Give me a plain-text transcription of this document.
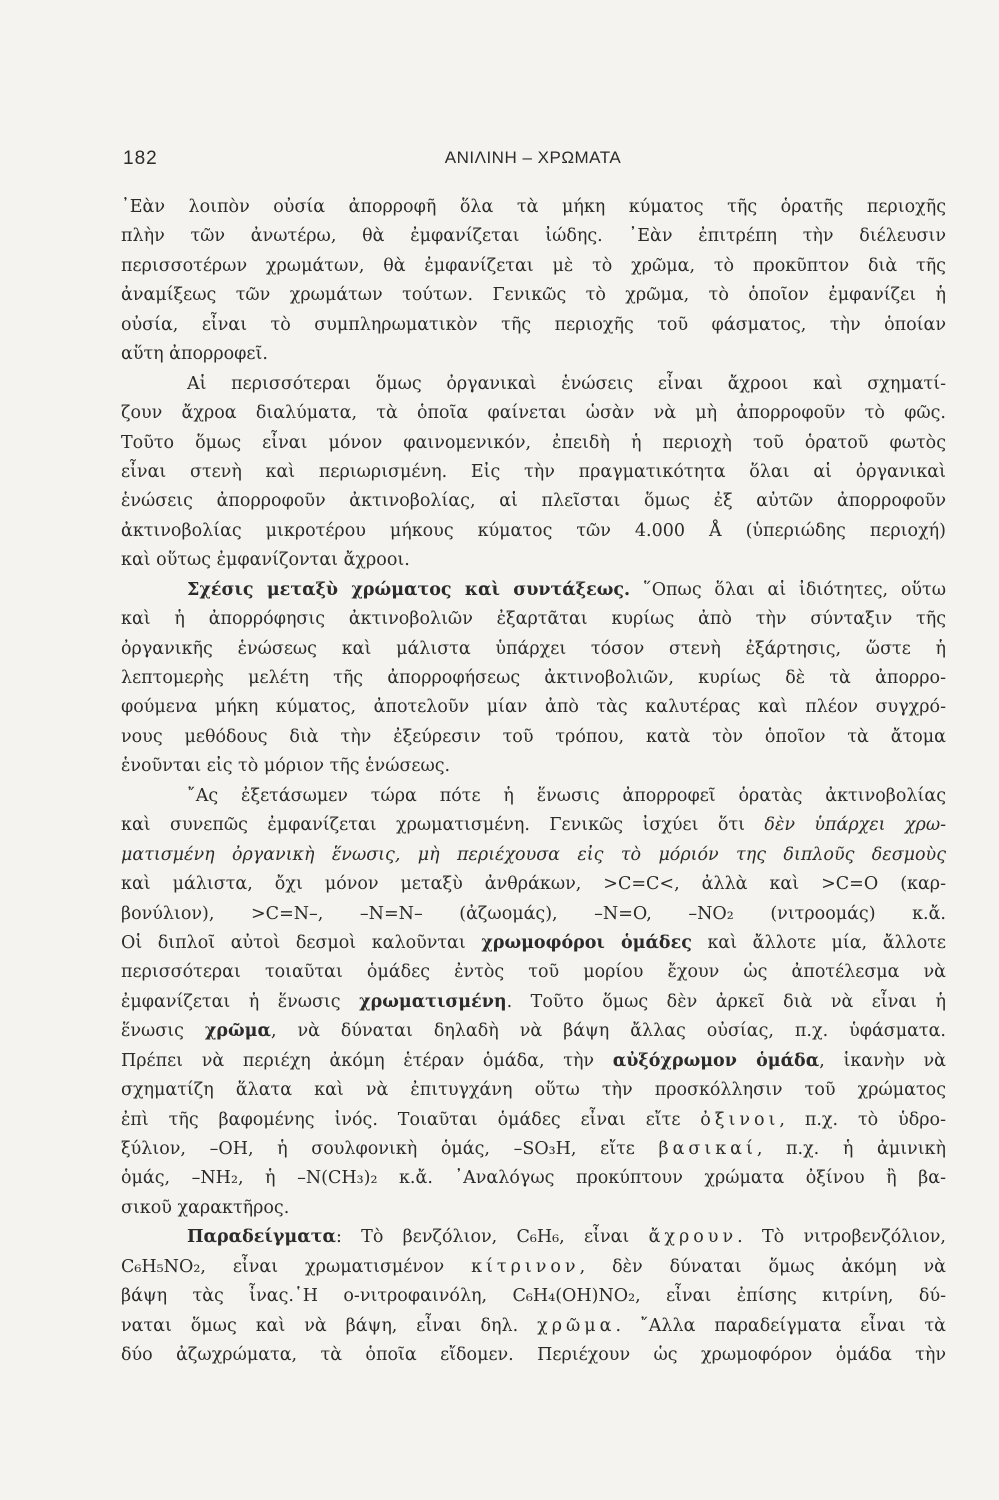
182	ΑΝΙΛΙΝΗ – ΧΡΩΜΑΤΑ
᾿Εὰν λοιπὸν οὐσία ἀπορροφῆ ὅλα τὰ μήκη κύματος τῆς ὁρατῆς περιοχῆς
πλὴν τῶν ἀνωτέρω, θὰ ἐμφανίζεται ἰώδης. ᾿Εὰν ἐπιτρέπη τὴν διέλευσιν
περισσοτέρων χρωμάτων, θὰ ἐμφανίζεται μὲ τὸ χρῶμα, τὸ προκῦπτον διὰ τῆς
ἀναμίξεως τῶν χρωμάτων τούτων. Γενικῶς τὸ χρῶμα, τὸ ὁποῖον ἐμφανίζει ἡ
οὐσία, εἶναι τὸ συμπληρωματικὸν τῆς περιοχῆς τοῦ φάσματος, τὴν ὁποίαν
αὕτη ἀπορροφεῖ.
Αἱ περισσότεραι ὅμως ὀργανικαὶ ἑνώσεις εἶναι ἄχροοι καὶ σχηματί-
ζουν ἄχροα διαλύματα, τὰ ὁποῖα φαίνεται ὡσὰν νὰ μὴ ἀπορροφοῦν τὸ φῶς.
Τοῦτο ὅμως εἶναι μόνον φαινομενικόν, ἐπειδὴ ἡ περιοχὴ τοῦ ὁρατοῦ φωτὸς
εἶναι στενὴ καὶ περιωρισμένη. Εἰς τὴν πραγματικότητα ὅλαι αἱ ὀργανικαὶ
ἑνώσεις ἀπορροφοῦν ἀκτινοβολίας, αἱ πλεῖσται ὅμως ἐξ αὐτῶν ἀπορροφοῦν
ἀκτινοβολίας μικροτέρου μήκους κύματος τῶν 4.000 Å (ὑπεριώδης περιοχή)
καὶ οὕτως ἐμφανίζονται ἄχροοι.
Σχέσις μεταξὺ χρώματος καὶ συντάξεως. ῞Οπως ὅλαι αἱ ἰδιότητες, οὕτω
καὶ ἡ ἀπορρόφησις ἀκτινοβολιῶν ἐξαρτᾶται κυρίως ἀπὸ τὴν σύνταξιν τῆς
ὀργανικῆς ἑνώσεως καὶ μάλιστα ὑπάρχει τόσον στενὴ ἐξάρτησις, ὥστε ἡ
λεπτομερὴς μελέτη τῆς ἀπορροφήσεως ἀκτινοβολιῶν, κυρίως δὲ τὰ ἀπορρο-
φούμενα μήκη κύματος, ἀποτελοῦν μίαν ἀπὸ τὰς καλυτέρας καὶ πλέον συγχρό-
νους μεθόδους διὰ τὴν ἐξεύρεσιν τοῦ τρόπου, κατὰ τὸν ὁποῖον τὰ ἄτομα
ἑνοῦνται εἰς τὸ μόριον τῆς ἑνώσεως.
῎Ας ἐξετάσωμεν τώρα πότε ἡ ἕνωσις ἀπορροφεῖ ὁρατὰς ἀκτινοβολίας
καὶ συνεπῶς ἐμφανίζεται χρωματισμένη. Γενικῶς ἰσχύει ὅτι δὲν ὑπάρχει χρω-
ματισμένη ὀργανικὴ ἕνωσις, μὴ περιέχουσα εἰς τὸ μόριόν της διπλοῦς δεσμοὺς
καὶ μάλιστα, ὄχι μόνον μεταξὺ ἀνθράκων, >C=C<, ἀλλὰ καὶ >C=O (καρ-
βονύλιον), >C=N–, –N=N– (ἀζωομάς), –N=O, –NO₂ (νιτροομάς) κ.ἄ.
Οἱ διπλοῖ αὐτοὶ δεσμοὶ καλοῦνται χρωμοφόροι ὁμάδες καὶ ἄλλοτε μία, ἄλλοτε
περισσότεραι τοιαῦται ὁμάδες ἐντὸς τοῦ μορίου ἔχουν ὡς ἀποτέλεσμα νὰ
ἐμφανίζεται ἡ ἕνωσις χρωματισμένη. Τοῦτο ὅμως δὲν ἀρκεῖ διὰ νὰ εἶναι ἡ
ἕνωσις χρῶμα, νὰ δύναται δηλαδὴ νὰ βάψη ἄλλας οὐσίας, π.χ. ὑφάσματα.
Πρέπει νὰ περιέχη ἀκόμη ἑτέραν ὁμάδα, τὴν αὐξόχρωμον ὁμάδα, ἱκανὴν νὰ
σχηματίζη ἅλατα καὶ νὰ ἐπιτυγχάνη οὕτω τὴν προσκόλλησιν τοῦ χρώματος
ἐπὶ τῆς βαφομένης ἰνός. Τοιαῦται ὁμάδες εἶναι εἴτε ὀξινοι, π.χ. τὸ ὑδρο-
ξύλιον, –OH, ἡ σουλφονικὴ ὁμάς, –SO₃H, εἴτε βασικαί, π.χ. ἡ ἀμινικὴ
ὁμάς, –NH₂, ἡ –N(CH₃)₂ κ.ἄ. ᾿Αναλόγως προκύπτουν χρώματα ὀξίνου ἢ βα-
σικοῦ χαρακτῆρος.
Παραδείγματα: Τὸ βενζόλιον, C₆H₆, εἶναι ἄχρουν. Τὸ νιτροβενζόλιον,
C₆H₅NO₂, εἶναι χρωματισμένον κίτρινον, δὲν δύναται ὅμως ἀκόμη νὰ
βάψη τὰς ἶνας.῾Η ο-νιτροφαινόλη, C₆H₄(OH)NO₂, εἶναι ἐπίσης κιτρίνη, δύ-
ναται ὅμως καὶ νὰ βάψη, εἶναι δηλ. χρῶμα. ῎Αλλα παραδείγματα εἶναι τὰ
δύο ἀζωχρώματα, τὰ ὁποῖα εἴδομεν. Περιέχουν ὡς χρωμοφόρον ὁμάδα τὴν
